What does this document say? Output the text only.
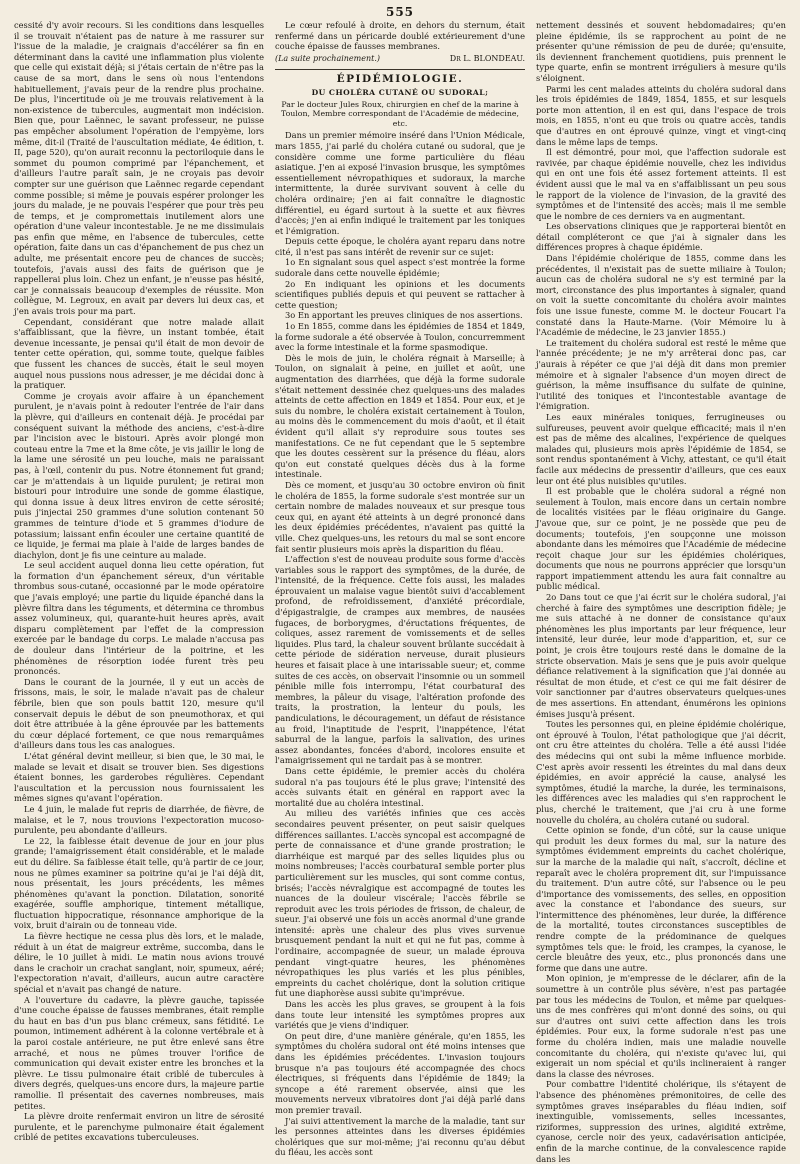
555

cessité d'y avoir recours. Si les conditions dans lesquelles il se trouvait n'étaient pas de nature à me rassurer sur l'issue de la maladie, je craignais d'accélérer sa fin en déterminant dans la cavité une inflammation plus violente que celle qui existait déjà; si j'étais certain de n'être pas la cause de sa mort, dans le sens où nous l'entendons habituellement, j'avais peur de la rendre plus prochaine. De plus, l'incertitude où je me trouvais relativement à la non-existence de tubercules, augmentait mon indécision. Bien que, pour Laënnec, le savant professeur, ne puisse pas empêcher absolument l'opération de l'empyème, lors même, dit-il (Traité de l'auscultation médiate, 4e édition, t. II, page 520), qu'on aurait reconnu la pectoriloquie dans le sommet du poumon comprimé par l'épanchement, et d'ailleurs l'autre paraît sain, je ne croyais pas devoir compter sur une guérison que Laënnec regarde cependant comme possible; si même je pouvais espérer prolonger les jours du malade, je ne pouvais l'espérer que pour très peu de temps, et je compromettais inutilement alors une opération d'une valeur incontestable. Je ne me dissimulais pas enfin que même, en l'absence de tubercules, cette opération, faite dans un cas d'épanchement de pus chez un adulte, me présentait encore peu de chances de succès; toutefois, j'avais aussi des faits de guérison que je rappellerai plus loin. Chez un enfant, je n'eusse pas hésité, car je connaissais beaucoup d'exemples de réussite. Mon collègue, M. Legroux, en avait par devers lui deux cas, et j'en avais trois pour ma part.

Cependant, considérant que notre malade allait s'affaiblissant, que la fièvre, un instant tombée, était devenue incessante, je pensai qu'il était de mon devoir de tenter cette opération, qui, somme toute, quelque faibles que fussent les chances de succès, était le seul moyen auquel nous pussions nous adresser, je me décidai donc à la pratiquer.

Comme je croyais avoir affaire à un épanchement purulent, je n'avais point à redouter l'entrée de l'air dans la plèvre, qui d'ailleurs en contenait déjà. Je procédai par conséquent suivant la méthode des anciens, c'est-à-dire par l'incision avec le bistouri. Après avoir plongé mon couteau entre la 7me et la 8me côte, je vis jaillir le long de la lame une sérosité un peu louche, mais ne paraissant pas, à l'œil, contenir du pus. Notre étonnement fut grand; car je m'attendais à un liquide purulent; je retirai mon bistouri pour introduire une sonde de gomme élastique, qui donna issue à deux litres environ de cette sérosité; puis j'injectai 250 grammes d'une solution contenant 50 grammes de teinture d'iode et 5 grammes d'iodure de potassium; laissant enfin écouler une certaine quantité de ce liquide, je fermai ma plaie à l'aide de larges bandes de diachylon, dont je fis une ceinture au malade.

Le seul accident auquel donna lieu cette opération, fut la formation d'un épanchement séreux, d'un véritable thrombus sous-cutané, occasionné par le mode opératoire que j'avais employé; une partie du liquide épanché dans la plèvre filtra dans les téguments, et détermina ce thrombus assez volumineux, qui, quarante-huit heures après, avait disparu complètement par l'effet de la compression exercée par le bandage du corps. Le malade n'accusa pas de douleur dans l'intérieur de la poitrine, et les phénomènes de résorption iodée furent très peu prononcés.

Dans le courant de la journée, il y eut un accès de frissons, mais, le soir, le malade n'avait pas de chaleur fébrile, bien que son pouls battit 120, mesure qu'il conservait depuis le début de son pneumothorax, et qui doit être attribuée à la gêne éprouvée par les battements du cœur déplacé fortement, ce que nous remarquâmes d'ailleurs dans tous les cas analogues.

L'état général devint meilleur, si bien que, le 30 mai, le malade se levait et disait se trouver bien. Ses digestions étaient bonnes, les garderobes régulières. Cependant l'auscultation et la percussion nous fournissaient les mêmes signes qu'avant l'opération.

Le 4 juin, le malade fut repris de diarrhée, de fièvre, de malaise, et le 7, nous trouvions l'expectoration mucoso-purulente, peu abondante d'ailleurs.

Le 22, la faiblesse était devenue de jour en jour plus grande; l'amaigrissement était considérable, et le malade eut du délire. Sa faiblesse était telle, qu'à partir de ce jour, nous ne pûmes examiner sa poitrine qu'ai je l'ai déjà dit, nous présentait, les jours précédents, les mêmes phénomènes qu'avant la ponction. Dilatation, sonorité exagérée, souffle amphorique, tintement métallique, fluctuation hippocratique, résonnance amphorique de la voix, bruit d'airain ou de tonneau vide.

La fièvre hectique ne cessa plus dès lors, et le malade, réduit à un état de maigreur extrême, succomba, dans le délire, le 10 juillet à midi. Le matin nous avions trouvé dans le crachoir un crachat sanglant, noir, spumeux, aéré; l'expectoration n'avait, d'ailleurs, aucun autre caractère spécial et n'avait pas changé de nature.

A l'ouverture du cadavre, la plèvre gauche, tapissée d'une couche épaisse de fausses membranes, était remplie du haut en bas d'un pus blanc crémeux, sans fétidité. Le poumon, intimement adhérent à la colonne vertébrale et à la paroi costale antérieure, ne put être enlevé sans être arraché, et nous ne pûmes trouver l'orifice de communication qui devait exister entre les bronches et la plèvre. Le tissu pulmonaire était criblé de tubercules à divers degrés, quelques-uns encore durs, la majeure partie ramollie. Il présentait des cavernes nombreuses, mais petites.

La plèvre droite renfermait environ un litre de sérosité purulente, et le parenchyme pulmonaire était également criblé de petites excavations tuberculeuses.

Le cœur refoulé à droite, en dehors du sternum, était renfermé dans un péricarde doublé extérieurement d'une couche épaisse de fausses membranes.

(La suite prochainement.)	Dr L. BLONDEAU.
ÉPIDÉMIOLOGIE.
DU CHOLÉRA CUTANÉ OU SUDORAL;
Par le docteur Jules Roux, chirurgien en chef de la marine à Toulon, Membre correspondant de l'Académie de médecine, etc.

Dans un premier mémoire inséré dans l'Union Médicale, mars 1855, j'ai parlé du choléra cutané ou sudoral, que je considère comme une forme particulière du fléau asiatique. J'en ai exposé l'invasion brusque, les symptômes essentiellement névropathiques et sudoraux, la marche intermittente, la durée survivant souvent à celle du choléra ordinaire; j'en ai fait connaître le diagnostic différentiel, eu égard surtout à la suette et aux fièvres d'accès; j'en ai enfin indiqué le traitement par les toniques et l'émigration.

Depuis cette époque, le choléra ayant reparu dans notre cité, il n'est pas sans intérêt de revenir sur ce sujet:

1o En signalant sous quel aspect s'est montrée la forme sudorale dans cette nouvelle épidémie;

2o En indiquant les opinions et les documents scientifiques publiés depuis et qui peuvent se rattacher à cette question;

3o En apportant les preuves cliniques de nos assertions.

1o En 1855, comme dans les épidémies de 1854 et 1849, la forme sudorale a été observée à Toulon, concurremment avec la forme intestinale et la forme spasmodique.

Dès le mois de juin, le choléra régnait à Marseille; à Toulon, on signalait à peine, en juillet et août, une augmentation des diarrhées, que déjà la forme sudorale s'était nettement dessinée chez quelques-uns des malades atteints de cette affection en 1849 et 1854. Pour eux, et je suis du nombre, le choléra existait certainement à Toulon, au moins dès le commencement du mois d'août, et il était évident qu'il allait s'y reproduire sous toutes ses manifestations. Ce ne fut cependant que le 5 septembre que les doutes cessèrent sur la présence du fléau, alors qu'on eut constaté quelques décès dus à la forme intestinale.

Dès ce moment, et jusqu'au 30 octobre environ où finit le choléra de 1855, la forme sudorale s'est montrée sur un certain nombre de malades nouveaux et sur presque tous ceux qui, en ayant été atteints à un degré prononcé dans les deux épidémies précédentes, n'avaient pas quitté la ville. Chez quelques-uns, les retours du mal se sont encore fait sentir plusieurs mois après la disparition du fléau.

L'affection s'est de nouveau produite sous forme d'accès variables sous le rapport des symptômes, de la durée, de l'intensité, de la fréquence. Cette fois aussi, les malades éprouvaient un malaise vague bientôt suivi d'accablement profond, de refroidissement, d'anxiété précordiale, d'épigastralgie, de crampes aux membres, de nausées fugaces, de borborygmes, d'éructations fréquentes, de coliques, assez rarement de vomissements et de selles liquides. Plus tard, la chaleur souvent brûlante succédait à cette période de sidération nerveuse, durait plusieurs heures et faisait place à une intarissable sueur; et, comme suites de ces accès, on observait l'insomnie ou un sommeil pénible mille fois interrompu, l'état courbaturaI des membres, la pâleur du visage, l'altération profonde des traits, la prostration, la lenteur du pouls, les pandiculations, le découragement, un défaut de résistance au froid, l'inaptitude de l'esprit, l'inappétence, l'état saburral de la langue, parfois la salivation, des urines assez abondantes, foncées d'abord, incolores ensuite et l'amaigrissement qui ne tardait pas à se montrer.

Dans cette épidémie, le premier accès du choléra sudoral n'a pas toujours été le plus grave; l'intensité des accès suivants était en général en rapport avec la mortalité due au choléra intestinal.

Au milieu des variétés infinies que ces accès secondaires peuvent présenter, on peut saisir quelques différences saillantes. L'accès syncopal est accompagné de perte de connaissance et d'une grande prostration; le diarrhéique est marqué par des selles liquides plus ou moins nombreuses; l'accès courbaturaI semble porter plus particulièrement sur les muscles, qui sont comme contus, brisés; l'accès névralgique est accompagné de toutes les nuances de la douleur viscérale; l'accès fébrile se reproduit avec les trois périodes de frisson, de chaleur, de sueur. J'ai observé une fois un accès anormal d'une grande intensité: après une chaleur des plus vives survenue brusquement pendant la nuit et qui ne fut pas, comme à l'ordinaire, accompagnée de sueur, un malade éprouva pendant vingt-quatre heures, les phénomènes névropathiques les plus variés et les plus pénibles, empreints du cachet cholérique, dont la solution critique fut une diaphorèse aussi subite qu'imprévue.

Dans les accès les plus graves, se groupent à la fois dans toute leur intensité les symptômes propres aux variétés que je viens d'indiquer.

On peut dire, d'une manière générale, qu'en 1855, les symptômes du choléra sudoral ont été moins intenses que dans les épidémies précédentes. L'invasion toujours brusque n'a pas toujours été accompagnée des chocs électriques, si fréquents dans l'épidémie de 1849; la syncope a été rarement observée, ainsi que les mouvements nerveux vibratoires dont j'ai déjà parlé dans mon premier travail.

J'ai suivi attentivement la marche de la maladie, tant sur les personnes atteintes dans les diverses épidémies cholériques que sur moi-même; j'ai reconnu qu'au début du fléau, les accès sont

nettement dessinés et souvent hebdomadaires; qu'en pleine épidémie, ils se rapprochent au point de ne présenter qu'une rémission de peu de durée; qu'ensuite, ils deviennent franchement quotidiens, puis prennent le type quarte, enfin se montrent irréguliers à mesure qu'ils s'éloignent.

Parmi les cent malades atteints du choléra sudoral dans les trois épidémies de 1849, 1854, 1855, et sur lesquels porte mon attention, il en est qui, dans l'espace de trois mois, en 1855, n'ont eu que trois ou quatre accès, tandis que d'autres en ont éprouvé quinze, vingt et vingt-cinq dans le même laps de temps.

Il est démontré, pour moi, que l'affection sudorale est ravivée, par chaque épidémie nouvelle, chez les individus qui en ont une fois été assez fortement atteints. Il est évident aussi que le mal va en s'affaiblissant un peu sous le rapport de la violence de l'invasion, de la gravité des symptômes et de l'intensité des accès; mais il me semble que le nombre de ces derniers va en augmentant.

Les observations cliniques que je rapporterai bientôt en détail compléteront ce que j'ai à signaler dans les différences propres à chaque épidémie.

Dans l'épidémie cholérique de 1855, comme dans les précédentes, il n'existait pas de suette miliaire à Toulon; aucun cas de choléra sudoral ne s'y est terminé par la mort, circonstance des plus importantes à signaler, quand on voit la suette concomitante du choléra avoir maintes fois une issue funeste, comme M. le docteur Foucart l'a constaté dans la Haute-Marne. (Voir Mémoire lu à l'Académie de médecine, le 23 janvier 1855.)

Le traitement du choléra sudoral est resté le même que l'année précédente; je ne m'y arrêterai donc pas, car j'aurais à répéter ce que j'ai déjà dit dans mon premier mémoire et à signaler l'absence d'un moyen direct de guérison, la même insuffisance du sulfate de quinine, l'utilité des toniques et l'incontestable avantage de l'émigration.

Les eaux minérales toniques, ferrugineuses ou sulfureuses, peuvent avoir quelque efficacité; mais il n'en est pas de même des alcalines, l'expérience de quelques malades qui, plusieurs mois après l'épidémie de 1854, se sont rendus spontanément à Vichy, attestant, ce qu'il était facile aux médecins de pressentir d'ailleurs, que ces eaux leur ont été plus nuisibles qu'utiles.

Il est probable que le choléra sudoral a régné non seulement à Toulon, mais encore dans un certain nombre de localités visitées par le fléau originaire du Gange. J'avoue que, sur ce point, je ne possède que peu de documents; toutefois, j'en soupçonne une moisson abondante dans les mémoires que l'Académie de médecine reçoit chaque jour sur les épidémies cholériques, documents que nous ne pourrons apprécier que lorsqu'un rapport impatiemment attendu les aura fait connaître au public médical.

2o Dans tout ce que j'ai écrit sur le choléra sudoral, j'ai cherché à faire des symptômes une description fidèle; je me suis attaché à ne donner de consistance qu'aux phénomènes les plus importants par leur fréquence, leur intensité, leur durée, leur mode d'apparition, et, sur ce point, je crois être toujours resté dans le domaine de la stricte observation. Mais je sens que je puis avoir quelque défiance relativement à la signification que j'ai donnée au résultat de mon étude, et c'est ce qui me fait désirer de voir sanctionner par d'autres observateurs quelques-unes de mes assertions. En attendant, énumérons les opinions émises jusqu'à présent.

Toutes les personnes qui, en pleine épidémie cholérique, ont éprouvé à Toulon, l'état pathologique que j'ai décrit, ont cru être atteintes du choléra. Telle a été aussi l'idée des médecins qui ont subi la même influence morbide. C'est après avoir ressenti les étreintes du mal dans deux épidémies, en avoir apprécié la cause, analysé les symptômes, étudié la marche, la durée, les terminaisons, les différences avec les maladies qui s'en rapprochent le plus, cherché le traitement, que j'ai cru à une forme nouvelle du choléra, au choléra cutané ou sudoral.

Cette opinion se fonde, d'un côté, sur la cause unique qui produit les deux formes du mal, sur la nature des symptômes évidemment empreints du cachet cholérique, sur la marche de la maladie qui naît, s'accroît, décline et reparaît avec le choléra proprement dit, sur l'impuissance du traitement. D'un autre côté, sur l'absence ou le peu d'importance des vomissements, des selles, en opposition avec la constance et l'abondance des sueurs, sur l'intermittence des phénomènes, leur durée, la différence de la mortalité, toutes circonstances susceptibles de rendre compte de la prédominance de quelques symptômes tels que: le froid, les crampes, la cyanose, le cercle bleuâtre des yeux, etc., plus prononcés dans une forme que dans une autre.

Mon opinion, je m'empresse de le déclarer, afin de la soumettre à un contrôle plus sévère, n'est pas partagée par tous les médecins de Toulon, et même par quelques-uns de mes confrères qui m'ont donné des soins, ou qui sur d'autres ont suivi cette affection dans les trois épidémies. Pour eux, la forme sudorale n'est pas une forme du choléra indien, mais une maladie nouvelle concomitante du choléra, qui n'existe qu'avec lui, qui exigerait un nom spécial et qu'ils inclineraient à ranger dans la classe des névroses.

Pour combattre l'identité cholérique, ils s'étayent de l'absence des phénomènes prémonitoires, de celle des symptômes graves inséparables du fléau indien, soif inextinguible, vomissements, selles incessantes, riziformes, suppression des urines, algidité extrême, cyanose, cercle noir des yeux, cadavérisation anticipée, enfin de la marche continue, de la convalescence rapide dans les
